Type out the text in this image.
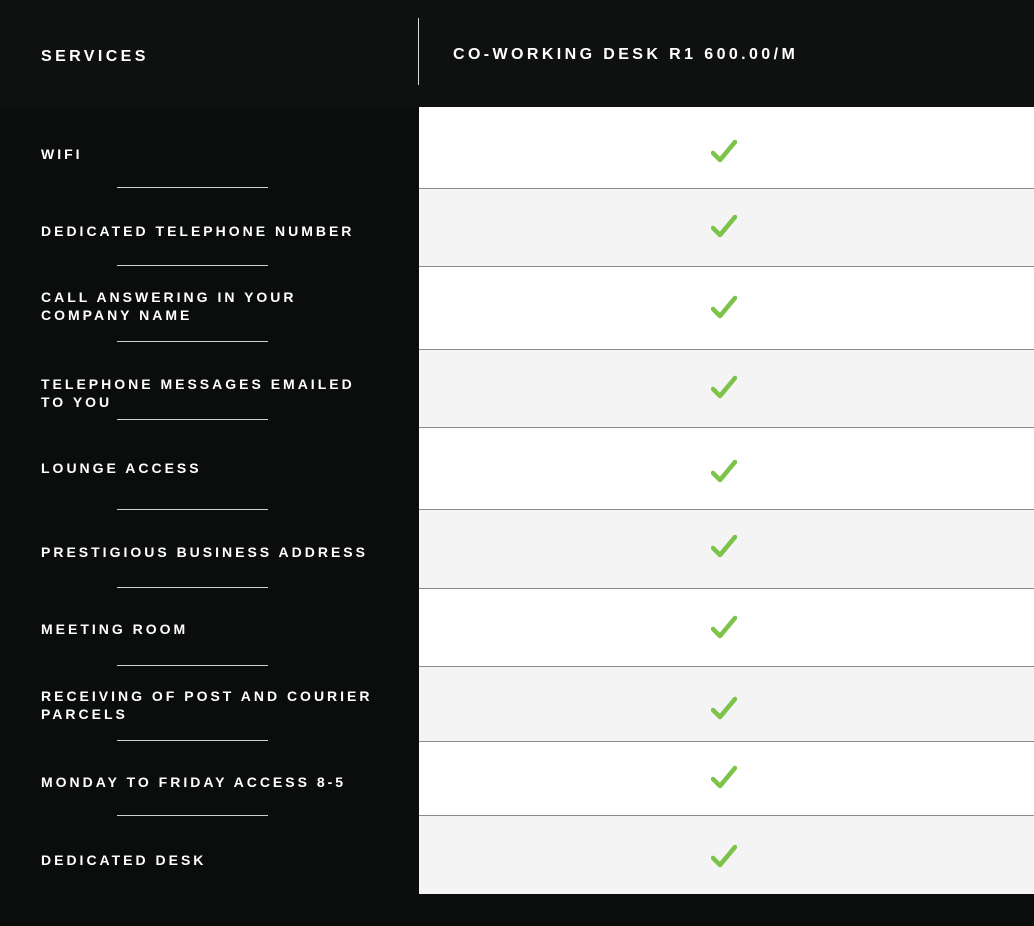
SERVICES	CO-WORKING DESK R1 600.00/M
WIFI
DEDICATED TELEPHONE NUMBER
CALL ANSWERING IN YOUR COMPANY NAME
TELEPHONE MESSAGES EMAILED TO YOU
LOUNGE ACCESS
PRESTIGIOUS BUSINESS ADDRESS
MEETING ROOM
RECEIVING OF POST AND COURIER PARCELS
MONDAY TO FRIDAY ACCESS 8-5
DEDICATED DESK
